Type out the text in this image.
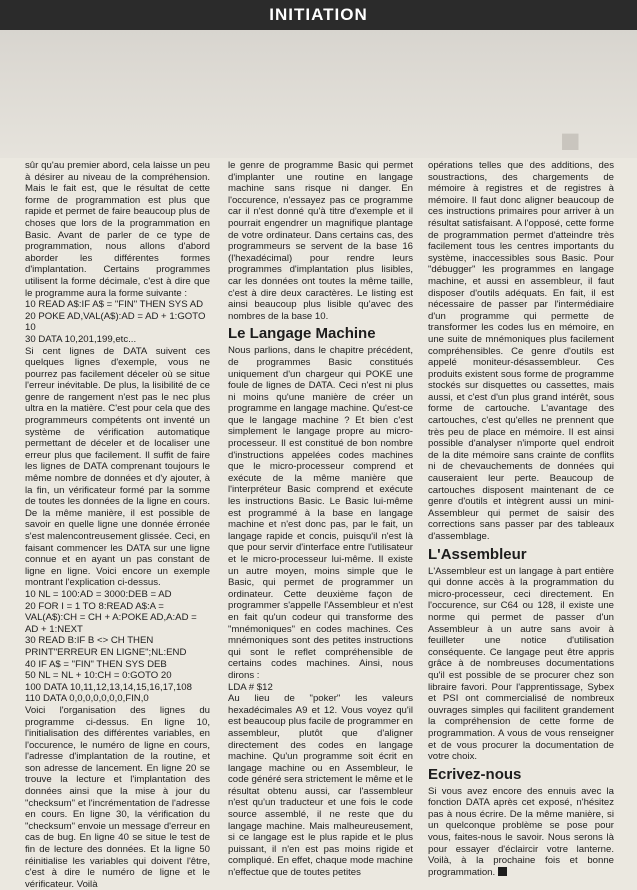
INITIATION
■

sûr qu'au premier abord, cela laisse un peu à désirer au niveau de la compréhension. Mais le fait est, que le résultat de cette forme de programmation est plus que rapide et permet de faire beaucoup plus de choses que lors de la programmation en Basic. Avant de parler de ce type de programmation, nous allons d'abord aborder les différentes formes d'implantation. Certains programmes utilisent la forme décimale, c'est à dire que le programme aura la forme suivante :

10 READ A$:IF A$ = "FIN" THEN SYS AD
20 POKE AD,VAL(A$):AD = AD + 1:GOTO 10
30 DATA 10,201,199,etc...

Si cent lignes de DATA suivent ces quelques lignes d'exemple, vous ne pourrez pas facilement déceler où se situe l'erreur inévitable. De plus, la lisibilité de ce genre de rangement n'est pas le nec plus ultra en la matière. C'est pour cela que des programmeurs compétents ont inventé un système de vérification automatique permettant de déceler et de localiser une erreur plus que facilement. Il suffit de faire les lignes de DATA comprenant toujours le même nombre de données et d'y ajouter, à la fin, un vérificateur formé par la somme de toutes les données de la ligne en cours. De la même manière, il est possible de savoir en quelle ligne une donnée érronée s'est malencontreusement glissée. Ceci, en faisant commencer les DATA sur une ligne connue et en ayant un pas constant de ligne en ligne. Voici encore un exemple montrant l'explication ci-dessus.

10 NL = 100:AD = 3000:DEB = AD
20 FOR I = 1 TO 8:READ A$:A = VAL(A$):CH = CH + A:POKE AD,A:AD = AD + 1:NEXT
30 READ B:IF B <> CH THEN PRINT"ERREUR EN LIGNE";NL:END
40 IF A$ = "FIN" THEN SYS DEB
50 NL = NL + 10:CH = 0:GOTO 20
100 DATA 10,11,12,13,14,15,16,17,108
110 DATA 0,0,0,0,0,0,0,FIN,0

Voici l'organisation des lignes du programme ci-dessus. En ligne 10, l'initialisation des différentes variables, en l'occurence, le numéro de ligne en cours, l'adresse d'implantation de la routine, et son adresse de lancement. En ligne 20 se trouve la lecture et l'implantation des données ainsi que la mise à jour du "checksum" et l'incrémentation de l'adresse en cours. En ligne 30, la vérification du "checksum" envoie un message d'erreur en cas de bug. En ligne 40 se situe le test de fin de lecture des données. Et la ligne 50 réinitialise les variables qui doivent l'être, c'est à dire le numéro de ligne et le vérificateur. Voilà

le genre de programme Basic qui permet d'implanter une routine en langage machine sans risque ni danger. En l'occurence, n'essayez pas ce programme car il n'est donné qu'à titre d'exemple et il pourrait engendrer un magnifique plantage de votre ordinateur. Dans certains cas, des programmeurs se servent de la base 16 (l'hexadécimal) pour rendre leurs programmes d'implantation plus lisibles, car les données ont toutes la même taille, c'est à dire deux caractères. Le listing est ainsi beaucoup plus lisible qu'avec des nombres de la base 10.

Le Langage Machine

Nous parlions, dans le chapitre précédent, de programmes Basic constitués uniquement d'un chargeur qui POKE une foule de lignes de DATA. Ceci n'est ni plus ni moins qu'une manière de créer un programme en langage machine. Qu'est-ce que le langage machine ? Et bien c'est simplement le langage propre au micro-processeur. Il est constitué de bon nombre d'instructions appelées codes machines que le micro-processeur comprend et exécute de la même manière que l'interpréteur Basic comprend et exécute les instructions Basic. Le Basic lui-même est programmé à la base en langage machine et n'est donc pas, par le fait, un langage rapide et concis, puisqu'il n'est là que pour servir d'interface entre l'utilisateur et le micro-processeur lui-même. Il existe un autre moyen, moins simple que le Basic, qui permet de programmer un ordinateur. Cette deuxième façon de programmer s'appelle l'Assembleur et n'est en fait qu'un codeur qui transforme des "mnémoniques" en codes machines. Ces mnémoniques sont des petites instructions qui sont le reflet compréhensible de certains codes machines. Ainsi, nous dirons :

LDA # $12

Au lieu de "poker" les valeurs hexadécimales A9 et 12. Vous voyez qu'il est beaucoup plus facile de programmer en assembleur, plutôt que d'aligner directement des codes en langage machine. Qu'un programme soit écrit en langage machine ou en Assembleur, le code généré sera strictement le même et le résultat obtenu aussi, car l'assembleur n'est qu'un traducteur et une fois le code source assemblé, il ne reste que du langage machine. Mais malheureusement, si ce langage est le plus rapide et le plus puissant, il n'en est pas moins rigide et compliqué. En effet, chaque mode machine n'effectue que de toutes petites

opérations telles que des additions, des soustractions, des chargements de mémoire à registres et de registres à mémoire. Il faut donc aligner beaucoup de ces instructions primaires pour arriver à un résultat satisfaisant. A l'opposé, cette forme de programmation permet d'atteindre très facilement tous les centres importants du système, inaccessibles sous Basic. Pour "débugger" les programmes en langage machine, et aussi en assembleur, il faut disposer d'outils adéquats. En fait, il est nécessaire de passer par l'intermédiaire d'un programme qui permette de transformer les codes lus en mémoire, en une suite de mnémoniques plus facilement compréhensibles. Ce genre d'outils est appelé moniteur-désassembleur. Ces produits existent sous forme de programme stockés sur disquettes ou cassettes, mais aussi, et c'est d'un plus grand intérêt, sous forme de cartouche. L'avantage des cartouches, c'est qu'elles ne prennent que très peu de place en mémoire. Il est ainsi possible d'analyser n'importe quel endroit de la dite mémoire sans crainte de conflits ni de chevauchements de données qui causeraient leur perte. Beaucoup de cartouches disposent maintenant de ce genre d'outils et intègrent aussi un mini-Assembleur qui permet de saisir des corrections sans passer par des tableaux d'assemblage.

L'Assembleur

L'Assembleur est un langage à part entière qui donne accès à la programmation du micro-processeur, ceci directement. En l'occurence, sur C64 ou 128, il existe une norme qui permet de passer d'un Assembleur à un autre sans avoir à feuilleter une notice d'utilisation conséquente. Ce langage peut être appris grâce à de nombreuses documentations qu'il est possible de se procurer chez son libraire favori. Pour l'apprentissage, Sybex et PSI ont commercialisé de nombreux ouvrages simples qui facilitent grandement la compréhension de cette forme de programmation. A vous de vous renseigner et de vous procurer la documentation de votre choix.

Ecrivez-nous

Si vous avez encore des ennuis avec la fonction DATA après cet exposé, n'hésitez pas à nous écrire. De la même manière, si un quelconque problème se pose pour vous, faites-nous le savoir. Nous serons là pour essayer d'éclaircir votre lanterne. Voilà, à la prochaine fois et bonne programmation.
